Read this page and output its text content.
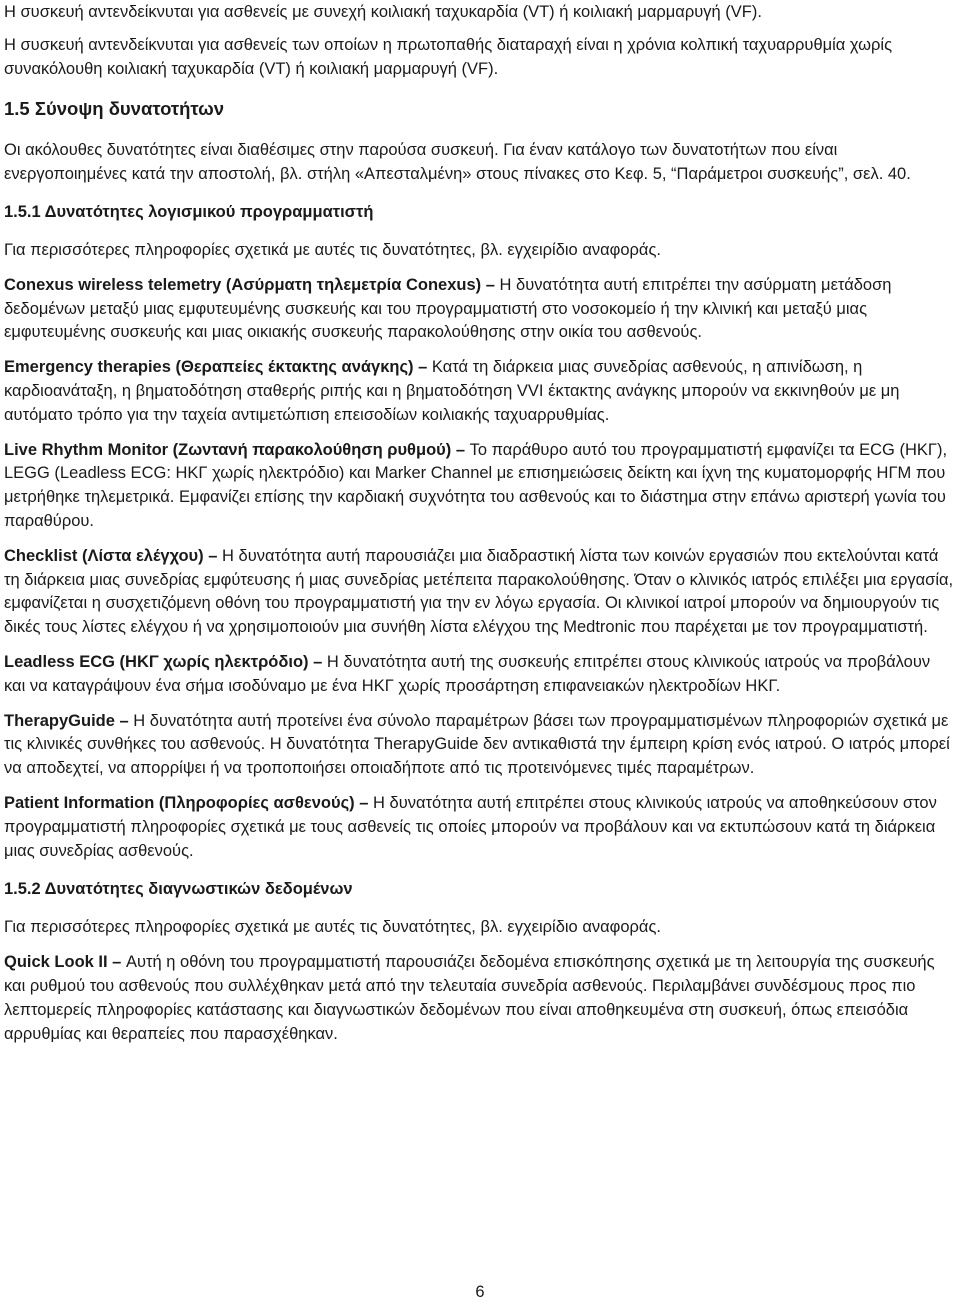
Η συσκευή αντενδείκνυται για ασθενείς με συνεχή κοιλιακή ταχυκαρδία (VT) ή κοιλιακή μαρμαρυγή (VF).

Η συσκευή αντενδείκνυται για ασθενείς των οποίων η πρωτοπαθής διαταραχή είναι η χρόνια κολπική ταχυαρρυθμία χωρίς συνακόλουθη κοιλιακή ταχυκαρδία (VT) ή κοιλιακή μαρμαρυγή (VF).

1.5 Σύνοψη δυνατοτήτων

Οι ακόλουθες δυνατότητες είναι διαθέσιμες στην παρούσα συσκευή. Για έναν κατάλογο των δυνατοτήτων που είναι ενεργοποιημένες κατά την αποστολή, βλ. στήλη «Απεσταλμένη» στους πίνακες στο Κεφ. 5, “Παράμετροι συσκευής”, σελ. 40.

1.5.1 Δυνατότητες λογισμικού προγραμματιστή

Για περισσότερες πληροφορίες σχετικά με αυτές τις δυνατότητες, βλ. εγχειρίδιο αναφοράς.

Conexus wireless telemetry (Ασύρματη τηλεμετρία Conexus) – Η δυνατότητα αυτή επιτρέπει την ασύρματη μετάδοση δεδομένων μεταξύ μιας εμφυτευμένης συσκευής και του προγραμματιστή στο νοσοκομείο ή την κλινική και μεταξύ μιας εμφυτευμένης συσκευής και μιας οικιακής συσκευής παρακολούθησης στην οικία του ασθενούς.

Emergency therapies (Θεραπείες έκτακτης ανάγκης) – Κατά τη διάρκεια μιας συνεδρίας ασθενούς, η απινίδωση, η καρδιοανάταξη, η βηματοδότηση σταθερής ριπής και η βηματοδότηση VVI έκτακτης ανάγκης μπορούν να εκκινηθούν με μη αυτόματο τρόπο για την ταχεία αντιμετώπιση επεισοδίων κοιλιακής ταχυαρρυθμίας.

Live Rhythm Monitor (Ζωντανή παρακολούθηση ρυθμού) – Το παράθυρο αυτό του προγραμματιστή εμφανίζει τα ECG (ΗΚΓ), LEGG (Leadless ECG: ΗΚΓ χωρίς ηλεκτρόδιο) και Marker Channel με επισημειώσεις δείκτη και ίχνη της κυματομορφής ΗΓΜ που μετρήθηκε τηλεμετρικά. Εμφανίζει επίσης την καρδιακή συχνότητα του ασθενούς και το διάστημα στην επάνω αριστερή γωνία του παραθύρου.

Checklist (Λίστα ελέγχου) – Η δυνατότητα αυτή παρουσιάζει μια διαδραστική λίστα των κοινών εργασιών που εκτελούνται κατά τη διάρκεια μιας συνεδρίας εμφύτευσης ή μιας συνεδρίας μετέπειτα παρακολούθησης. Όταν ο κλινικός ιατρός επιλέξει μια εργασία, εμφανίζεται η συσχετιζόμενη οθόνη του προγραμματιστή για την εν λόγω εργασία. Οι κλινικοί ιατροί μπορούν να δημιουργούν τις δικές τους λίστες ελέγχου ή να χρησιμοποιούν μια συνήθη λίστα ελέγχου της Medtronic που παρέχεται με τον προγραμματιστή.

Leadless ECG (ΗΚΓ χωρίς ηλεκτρόδιο) – Η δυνατότητα αυτή της συσκευής επιτρέπει στους κλινικούς ιατρούς να προβάλουν και να καταγράψουν ένα σήμα ισοδύναμο με ένα ΗΚΓ χωρίς προσάρτηση επιφανειακών ηλεκτροδίων ΗΚΓ.

TherapyGuide – Η δυνατότητα αυτή προτείνει ένα σύνολο παραμέτρων βάσει των προγραμματισμένων πληροφοριών σχετικά με τις κλινικές συνθήκες του ασθενούς. Η δυνατότητα TherapyGuide δεν αντικαθιστά την έμπειρη κρίση ενός ιατρού. Ο ιατρός μπορεί να αποδεχτεί, να απορρίψει ή να τροποποιήσει οποιαδήποτε από τις προτεινόμενες τιμές παραμέτρων.

Patient Information (Πληροφορίες ασθενούς) – Η δυνατότητα αυτή επιτρέπει στους κλινικούς ιατρούς να αποθηκεύσουν στον προγραμματιστή πληροφορίες σχετικά με τους ασθενείς τις οποίες μπορούν να προβάλουν και να εκτυπώσουν κατά τη διάρκεια μιας συνεδρίας ασθενούς.

1.5.2 Δυνατότητες διαγνωστικών δεδομένων

Για περισσότερες πληροφορίες σχετικά με αυτές τις δυνατότητες, βλ. εγχειρίδιο αναφοράς.

Quick Look II – Αυτή η οθόνη του προγραμματιστή παρουσιάζει δεδομένα επισκόπησης σχετικά με τη λειτουργία της συσκευής και ρυθμού του ασθενούς που συλλέχθηκαν μετά από την τελευταία συνεδρία ασθενούς. Περιλαμβάνει συνδέσμους προς πιο λεπτομερείς πληροφορίες κατάστασης και διαγνωστικών δεδομένων που είναι αποθηκευμένα στη συσκευή, όπως επεισόδια αρρυθμίας και θεραπείες που παρασχέθηκαν.

6
